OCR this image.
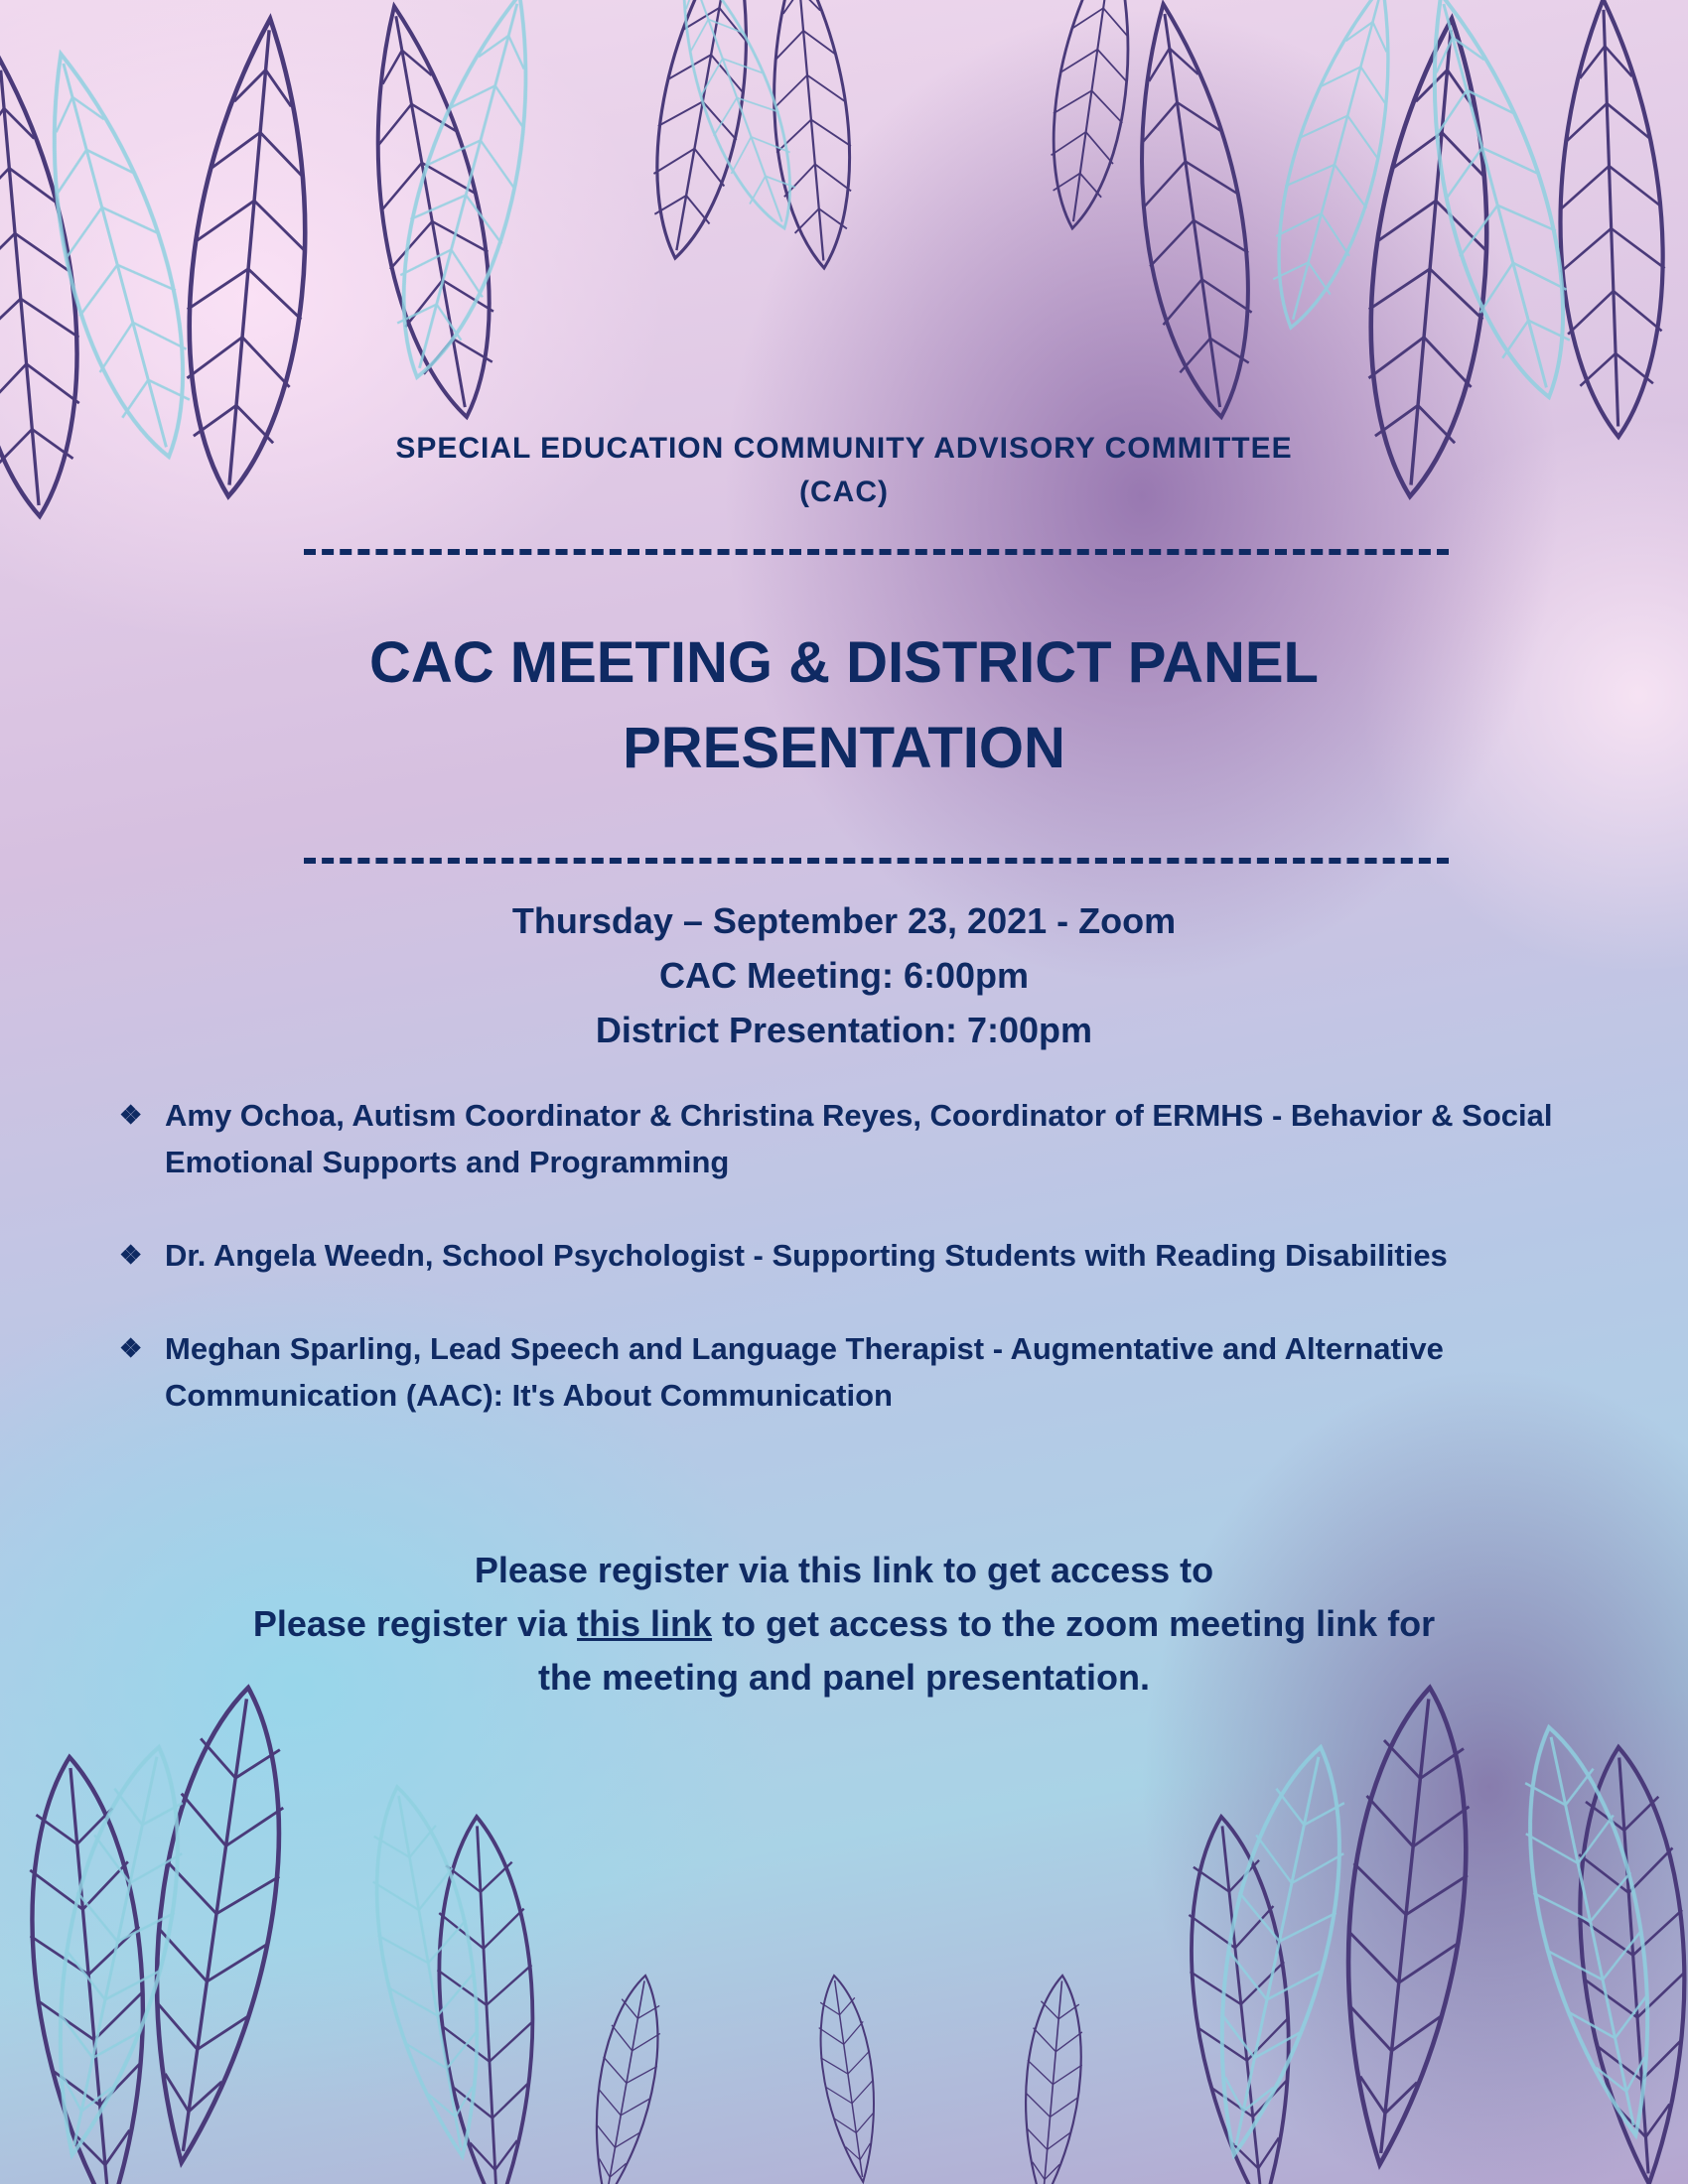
SPECIAL EDUCATION COMMUNITY ADVISORY COMMITTEE
(CAC)
CAC MEETING & DISTRICT PANEL
PRESENTATION
Thursday – September 23, 2021 - Zoom
CAC Meeting: 6:00pm
District Presentation: 7:00pm
❖ Amy Ochoa, Autism Coordinator & Christina Reyes, Coordinator of ERMHS - Behavior & Social Emotional Supports and Programming
❖ Dr. Angela Weedn, School Psychologist - Supporting Students with Reading Disabilities
❖ Meghan Sparling, Lead Speech and Language Therapist - Augmentative and Alternative Communication (AAC): It's About Communication
Please register via this link to get access to
Please register via this link to get access to the zoom meeting link for
the meeting and panel presentation.
